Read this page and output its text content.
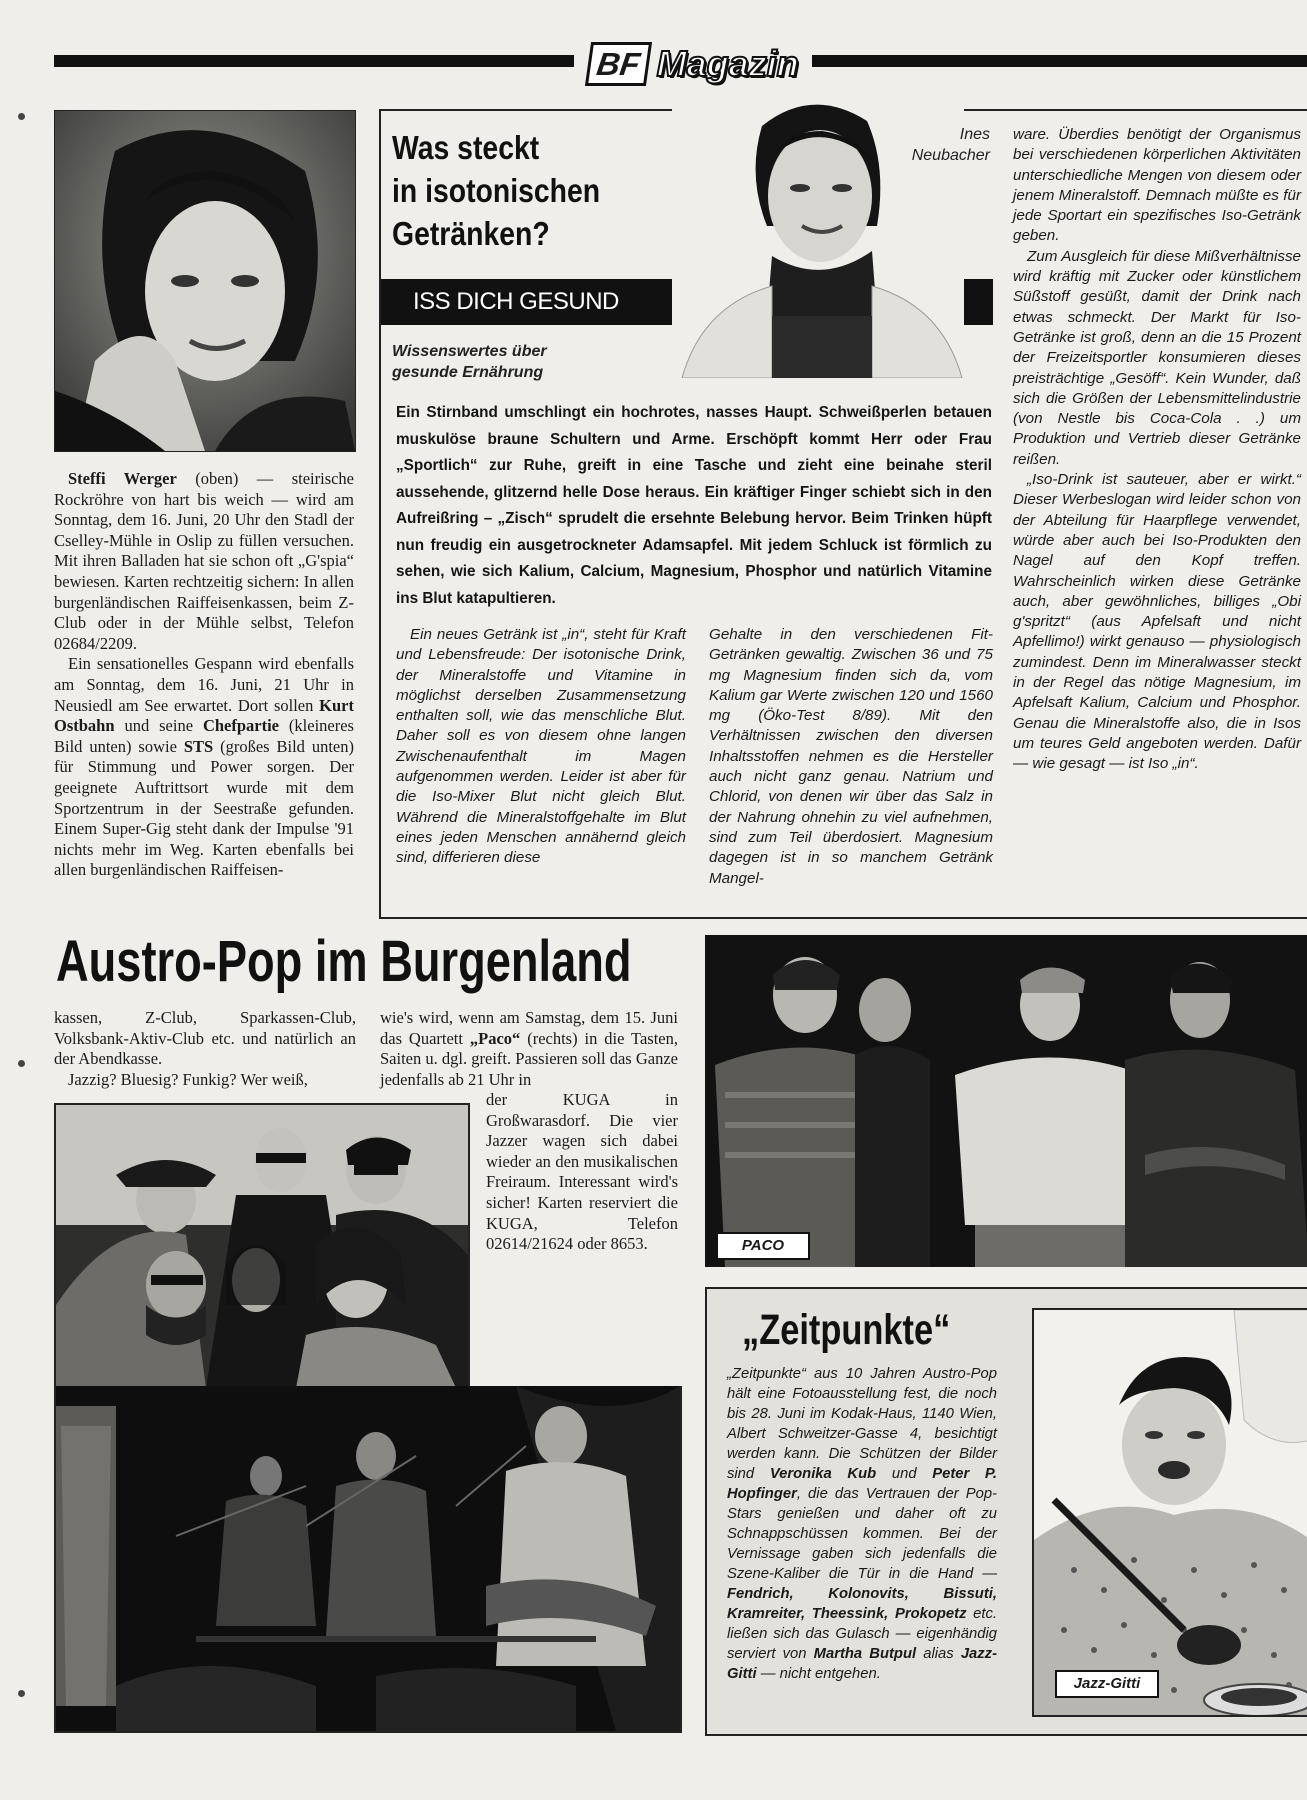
BF Magazin

Steffi Werger (oben) — steirische Rockröhre von hart bis weich — wird am Sonntag, dem 16. Juni, 20 Uhr den Stadl der Cselley-Mühle in Oslip zu füllen versuchen. Mit ihren Balladen hat sie schon oft „G'spia“ bewiesen. Karten rechtzeitig sichern: In allen burgenländischen Raiffeisenkassen, beim Z-Club oder in der Mühle selbst, Telefon 02684/2209.

Ein sensationelles Gespann wird ebenfalls am Sonntag, dem 16. Juni, 21 Uhr in Neusiedl am See erwartet. Dort sollen Kurt Ostbahn und seine Chefpartie (kleineres Bild unten) sowie STS (großes Bild unten) für Stimmung und Power sorgen. Der geeignete Auftrittsort wurde mit dem Sportzentrum in der Seestraße gefunden. Einem Super-Gig steht dank der Impulse '91 nichts mehr im Weg. Karten ebenfalls bei allen burgenländischen Raiffeisen-

Was steckt
in isotonischen
Getränken?
ISS DICH GESUND
Wissenswertes über
gesunde Ernährung
Ines
Neubacher
Ein Stirnband umschlingt ein hochrotes, nasses Haupt. Schweißperlen betauen muskulöse braune Schultern und Arme. Erschöpft kommt Herr oder Frau „Sportlich“ zur Ruhe, greift in eine Tasche und zieht eine beinahe steril aussehende, glitzernd helle Dose heraus. Ein kräftiger Finger schiebt sich in den Aufreißring – „Zisch“ sprudelt die ersehnte Belebung hervor. Beim Trinken hüpft nun freudig ein ausgetrockneter Adamsapfel. Mit jedem Schluck ist förmlich zu sehen, wie sich Kalium, Calcium, Magnesium, Phosphor und natürlich Vitamine ins Blut katapultieren.

Ein neues Getränk ist „in“, steht für Kraft und Lebensfreude: Der isotonische Drink, der Mineralstoffe und Vitamine in möglichst derselben Zusammensetzung enthalten soll, wie das menschliche Blut. Daher soll es von diesem ohne langen Zwischenaufenthalt im Magen aufgenommen werden. Leider ist aber für die Iso-Mixer Blut nicht gleich Blut. Während die Mineralstoffgehalte im Blut eines jeden Menschen annähernd gleich sind, differieren diese

Gehalte in den verschiedenen Fit-Getränken gewaltig. Zwischen 36 und 75 mg Magnesium finden sich da, vom Kalium gar Werte zwischen 120 und 1560 mg (Öko-Test 8/89). Mit den Verhältnissen zwischen den diversen Inhaltsstoffen nehmen es die Hersteller auch nicht ganz genau. Natrium und Chlorid, von denen wir über das Salz in der Nahrung ohnehin zu viel aufnehmen, sind zum Teil überdosiert. Magnesium dagegen ist in so manchem Getränk Mangel-

ware. Überdies benötigt der Organismus bei verschiedenen körperlichen Aktivitäten unterschiedliche Mengen von diesem oder jenem Mineralstoff. Demnach müßte es für jede Sportart ein spezifisches Iso-Getränk geben.

Zum Ausgleich für diese Mißverhältnisse wird kräftig mit Zucker oder künstlichem Süßstoff gesüßt, damit der Drink nach etwas schmeckt. Der Markt für Iso-Getränke ist groß, denn an die 15 Prozent der Freizeitsportler konsumieren dieses preisträchtige „Gesöff“. Kein Wunder, daß sich die Größen der Lebensmittelindustrie (von Nestle bis Coca-Cola . .) um Produktion und Vertrieb dieser Getränke reißen.

„Iso-Drink ist sauteuer, aber er wirkt.“ Dieser Werbeslogan wird leider schon von der Abteilung für Haarpflege verwendet, würde aber auch bei Iso-Produkten den Nagel auf den Kopf treffen. Wahrscheinlich wirken diese Getränke auch, aber gewöhnliches, billiges „Obi g'spritzt“ (aus Apfelsaft und nicht Apfellimo!) wirkt genauso — physiologisch zumindest. Denn im Mineralwasser steckt in der Regel das nötige Magnesium, im Apfelsaft Kalium, Calcium und Phosphor. Genau die Mineralstoffe also, die in Isos um teures Geld angeboten werden. Dafür — wie gesagt — ist Iso „in“.

Austro-Pop im Burgenland

kassen, Z-Club, Sparkassen-Club, Volksbank-Aktiv-Club etc. und natürlich an der Abendkasse.

Jazzig? Bluesig? Funkig? Wer weiß,

wie's wird, wenn am Samstag, dem 15. Juni das Quartett „Paco“ (rechts) in die Tasten, Saiten u. dgl. greift. Passieren soll das Ganze jedenfalls ab 21 Uhr in

der KUGA in Großwarasdorf. Die vier Jazzer wagen sich dabei wieder an den musikalischen Freiraum. Interessant wird's sicher! Karten reserviert die KUGA, Telefon 02614/21624 oder 8653.	PACO
„Zeitpunkte“

„Zeitpunkte“ aus 10 Jahren Austro-Pop hält eine Fotoausstellung fest, die noch bis 28. Juni im Kodak-Haus, 1140 Wien, Albert Schweitzer-Gasse 4, besichtigt werden kann. Die Schützen der Bilder sind Veronika Kub und Peter P. Hopfinger, die das Vertrauen der Pop-Stars genießen und daher oft zu Schnappschüssen kommen. Bei der Vernissage gaben sich jedenfalls die Szene-Kaliber die Tür in die Hand — Fendrich, Kolonovits, Bissuti, Kramreiter, Theessink, Prokopetz etc. ließen sich das Gulasch — eigenhändig serviert von Martha Butpul alias Jazz-Gitti — nicht entgehen.

Jazz-Gitti
